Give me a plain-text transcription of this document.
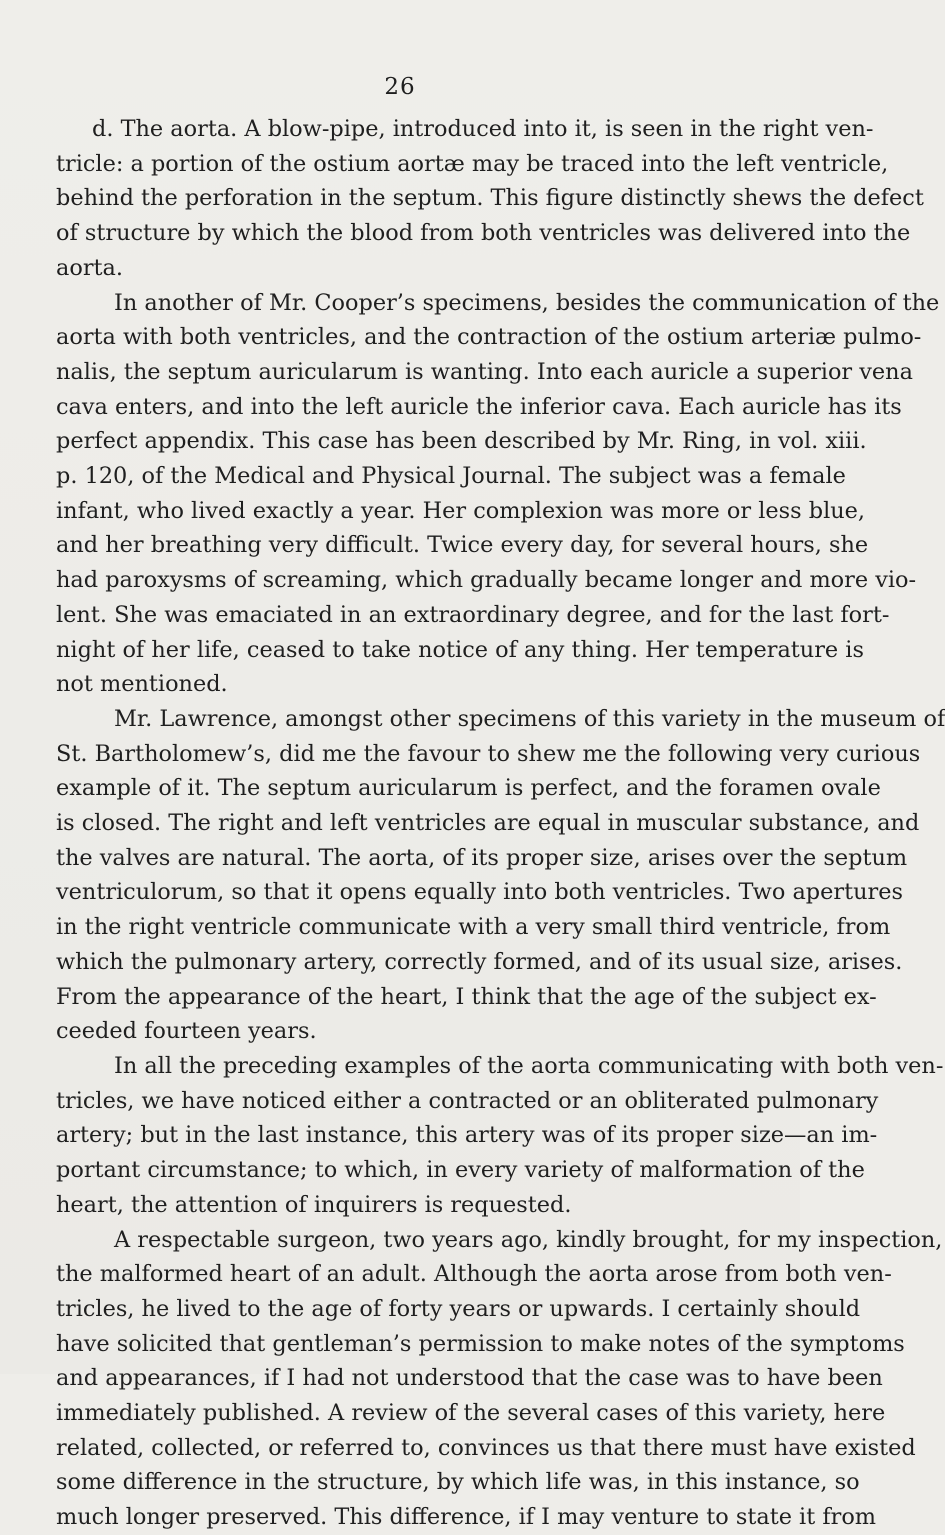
26
d. The aorta. A blow-pipe, introduced into it, is seen in the right ven-
tricle: a portion of the ostium aortæ may be traced into the left ventricle,
behind the perforation in the septum. This figure distinctly shews the defect
of structure by which the blood from both ventricles was delivered into the
aorta.
In another of Mr. Cooper’s specimens, besides the communication of the
aorta with both ventricles, and the contraction of the ostium arteriæ pulmo-
nalis, the septum auricularum is wanting. Into each auricle a superior vena
cava enters, and into the left auricle the inferior cava. Each auricle has its
perfect appendix. This case has been described by Mr. Ring, in vol. xiii.
p. 120, of the Medical and Physical Journal. The subject was a female
infant, who lived exactly a year. Her complexion was more or less blue,
and her breathing very difficult. Twice every day, for several hours, she
had paroxysms of screaming, which gradually became longer and more vio-
lent. She was emaciated in an extraordinary degree, and for the last fort-
night of her life, ceased to take notice of any thing. Her temperature is
not mentioned.
Mr. Lawrence, amongst other specimens of this variety in the museum of
St. Bartholomew’s, did me the favour to shew me the following very curious
example of it. The septum auricularum is perfect, and the foramen ovale
is closed. The right and left ventricles are equal in muscular substance, and
the valves are natural. The aorta, of its proper size, arises over the septum
ventriculorum, so that it opens equally into both ventricles. Two apertures
in the right ventricle communicate with a very small third ventricle, from
which the pulmonary artery, correctly formed, and of its usual size, arises.
From the appearance of the heart, I think that the age of the subject ex-
ceeded fourteen years.
In all the preceding examples of the aorta communicating with both ven-
tricles, we have noticed either a contracted or an obliterated pulmonary
artery; but in the last instance, this artery was of its proper size—an im-
portant circumstance; to which, in every variety of malformation of the
heart, the attention of inquirers is requested.
A respectable surgeon, two years ago, kindly brought, for my inspection,
the malformed heart of an adult. Although the aorta arose from both ven-
tricles, he lived to the age of forty years or upwards. I certainly should
have solicited that gentleman’s permission to make notes of the symptoms
and appearances, if I had not understood that the case was to have been
immediately published. A review of the several cases of this variety, here
related, collected, or referred to, convinces us that there must have existed
some difference in the structure, by which life was, in this instance, so
much longer preserved. This difference, if I may venture to state it from
